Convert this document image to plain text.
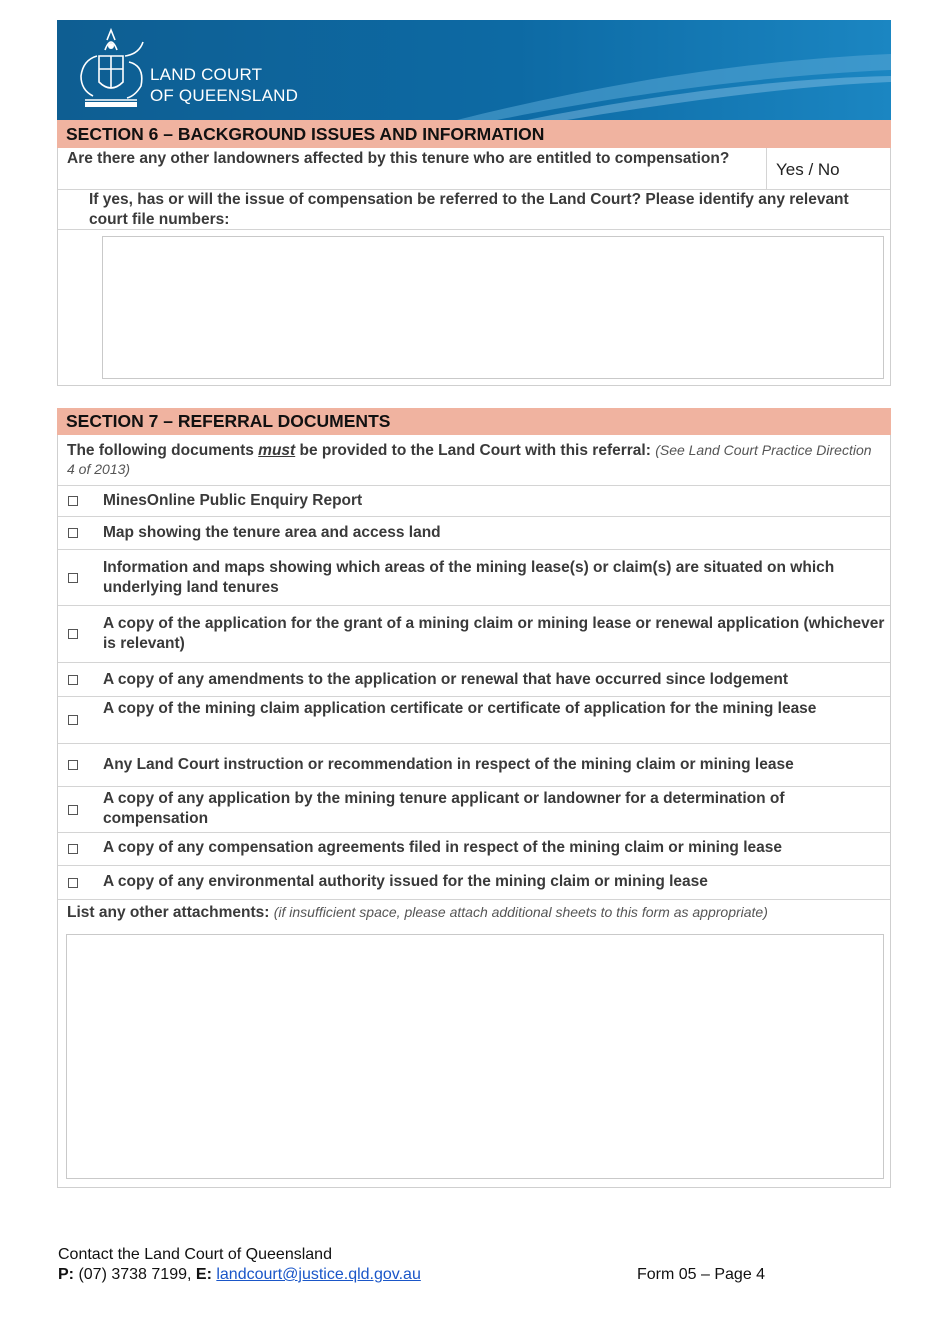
LAND COURT
OF QUEENSLAND
SECTION 6 – BACKGROUND ISSUES AND INFORMATION
Are there any other landowners affected by this tenure who are entitled to compensation?
Yes / No
If yes, has or will the issue of compensation be referred to the Land Court? Please identify any relevant court file numbers:
SECTION 7 – REFERRAL DOCUMENTS
The following documents must be provided to the Land Court with this referral: (See Land Court Practice Direction 4 of 2013)
MinesOnline Public Enquiry Report
Map showing the tenure area and access land
Information and maps showing which areas of the mining lease(s) or claim(s) are situated on which underlying land tenures
A copy of the application for the grant of a mining claim or mining lease or renewal application (whichever is relevant)
A copy of any amendments to the application or renewal that have occurred since lodgement
A copy of the mining claim application certificate or certificate of application for the mining lease
Any Land Court instruction or recommendation in respect of the mining claim or mining lease
A copy of any application by the mining tenure applicant or landowner for a determination of compensation
A copy of any compensation agreements filed in respect of the mining claim or mining lease
A copy of any environmental authority issued for the mining claim or mining lease
List any other attachments: (if insufficient space, please attach additional sheets to this form as appropriate)
Contact the Land Court of Queensland
P: (07) 3738 7199, E: landcourt@justice.qld.gov.au	Form 05 – Page 4
